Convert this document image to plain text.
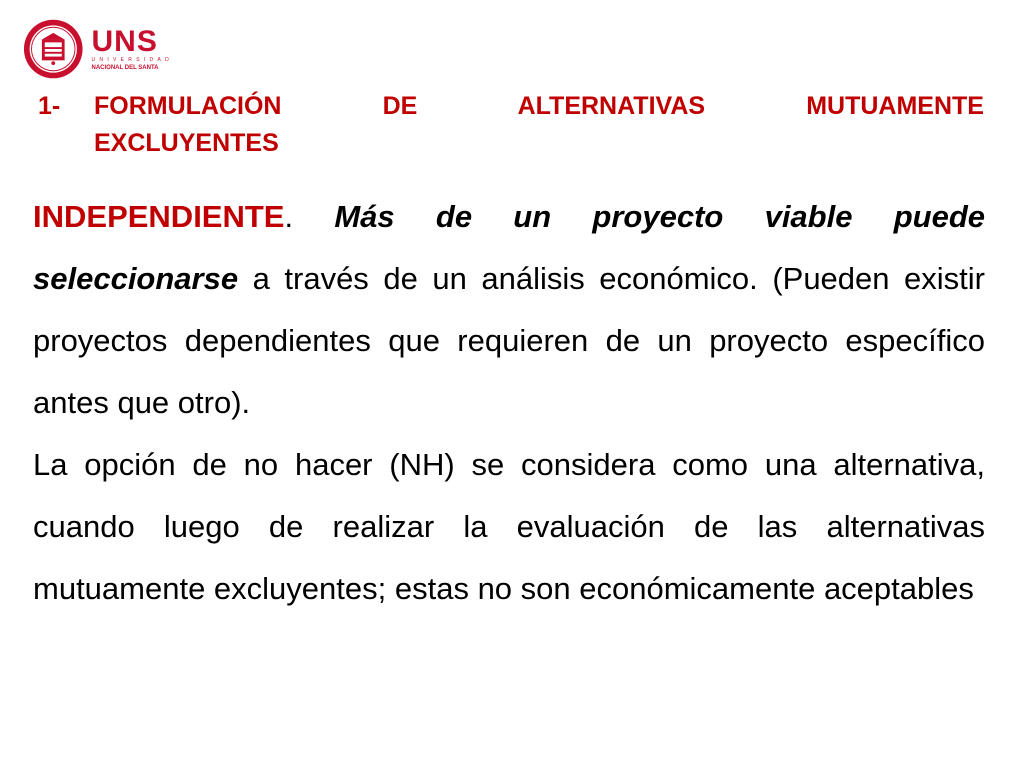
UNS
UNIVERSIDAD
NACIONAL DEL SANTA
1-	FORMULACIÓN DE ALTERNATIVAS MUTUAMENTE
EXCLUYENTES

INDEPENDIENTE. Más de un proyecto viable puede seleccionarse a través de un análisis económico. (Pueden existir proyectos dependientes que requieren de un proyecto específico antes que otro).

La opción de no hacer (NH) se considera como una alternativa, cuando luego de realizar la evaluación de las alternativas mutuamente excluyentes; estas no son económicamente aceptables
